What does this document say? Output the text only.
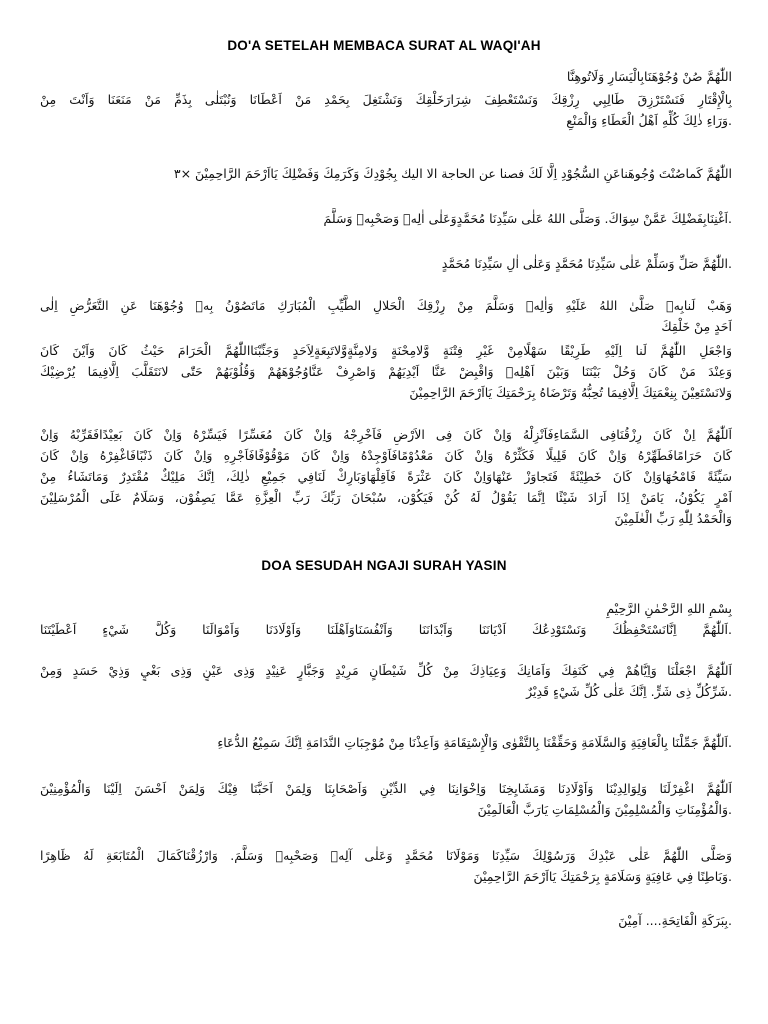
DO'A SETELAH MEMBACA SURAT AL WAQI'AH
اللّٰهُمَّ صُنْ وُجُوْهَنَابِالْيَسَارِ وَلَاتُوهِنَّا
بِالْإِقْتَارِ فَنَسْتَرْزِقَ طَالِبِي رِزْقِكَ وَنَسْتَعْطِفَ شِرَارَخَلْقِكَ وَنَشْتَغِلَ بِحَمْدِ مَنْ اَعْطَانَا وَنُبْتَلٰى بِذَمِّ مَنْ مَنَعَنَا وَاَنْتَ مِنْ
.وَرَاءِ ذٰلِكَ كُلِّهِ اَهْلُ الْعَطَاءِ وَالْمَنْعِ
اللّٰهُمَّ كَماصُنْتَ وُجُوهَناعَنِ السُّجُوْدِ اِلَّا لَكَ فصنا عن الحاجة الا اليك بِجُوْدِكَ وَكَرَمِكَ وَفَضْلِكَ يَااَرْحَمَ الرَّاحِمِيْنَ ×٣
.اَغْنِنَابِفَضْلِكَ عَمَّنْ سِوَاكَ. وَصَلَّى اللهُ عَلٰى سَيِّدِنَا مُحَمَّدٍوَعَلٰى اٰلِهٖ وَصَحْبِهٖ وَسَلَّمَ
.اللّٰهُمَّ صَلِّ وَسَلِّمْ عَلٰى سَيِّدِنَا مُحَمَّدٍ وَعَلٰى اٰلِ سَيِّدِنَا مُحَمَّدٍ
وَهَبْ لَنابِهٖ صَلَّىٰ اللهُ عَلَيْهِ وَاٰلِهٖ وَسَلَّمَ مِنْ رِزْقِكَ الْحَلالِ الطَّيِّبِ الْمُبَارَكِ مَاتَصُوْنُ بِهٖ وُجُوْهَنَا عَنِ التَّعَرُّضِ اِلٰى
اَحَدٍ مِنْ خَلْقِكَ
وَاجْعَلِ اللّٰهُمَّ لَنا اِلَيْهِ طَرِيْقًا سَهْلًامِنْ غَيْرِ فِتْنَةٍ وَّلامِحْنَةٍ وَلامِنَّةٍوَّلاتَبِعَةٍلِاَحَدٍ وَجَنِّبْنَااللّٰهُمَّ الْحَرَامَ حَيْثُ كَانَ وَاَيْنَ كَانَ
وَعِنْدَ مَنْ كَانَ وَحُلْ بَيْنَنَا وَبَيْنَ اَهْلِهٖ وَاقْبِضْ عَنَّا اَيْدِيَهُمْ وَاصْرِفْ عَنَّاوُجُوْهَهُمْ وَقُلُوْبَهُمْ حَتّٰى لانَتَقَلَّبَ اِلَّافِيمَا يُرْضِيْكَ
وَلانَسْتَعِيْنَ بِنِعْمَتِكَ اِلَّافِيمَا تُحِبُّهُ وَتَرْضَاهُ بِرَحْمَتِكَ يَااَرْحَمَ الرَّاحِمِيْنَ
اَللّٰهُمَّ اِنْ كَانَ رِزْقُنَافِى السَّمَاءِفَاَنْزِلْهُ وَاِنْ كَانَ فِى الاَرْضِ فَاَخْرِجْهُ وَاِنْ كَانَ مُعَسِّرًا فَيَسِّرْهُ وَاِنْ كَانَ بَعِيْدًافَقَرِّبْهُ وَاِنْ
كَانَ حَرَامًافَطَهِّرْهُ وَاِنْ كَانَ قَلِيلًا فَكَثِّرْهُ وَاِنْ كَانَ مَعْدُوْمًافَاَوْجِدْهُ وَاِنْ كَانَ مَوْقُوْفًافَاَجْرِهِ وَاِنْ كَانَ ذَنْبًافَاغْفِرْهُ وَاِنْ كَانَ
سَيِّئَةً فَامْحُهَاوَاِنْ كَانَ خَطِيْئَةً فَتَجاوَزْ عَنْهَاوَاِنْ كَانَ عَثْرَةً فَاَقِلْهَاوَبَارِكْ لَنَافِي جَمِيْعِ ذٰلِكَ، اِنَّكَ مَلِيْكٌ مُقْتَدِرٌ وَمَاتَشَاءُ مِنْ
اَمْرٍ يَكُوْنُ، يَامَنْ اِذَا اَرَادَ شَيْئًا اِنَّمَا يَقُوْلُ لَهُ كُنْ فَيَكُوْن، سُبْحَانَ رَبِّكَ رَبِّ الْعِزَّةِ عَمَّا يَصِفُوْن، وَسَلَامٌ عَلَى الْمُرْسَلِيْنَ
وَالْحَمْدُ لِلّٰهِ رَبِّ الْعٰلَمِيْنَ
DOA SESUDAH NGAJI SURAH YASIN
بِسْمِ اللهِ الرَّحْمٰنِ الرَّحِيْمِ
.اَللّٰهُمَّ اِنَّانَسْتَحْفِظُكَ وَنَسْتَوْدِعُكَ اَدْيَانَنَا وَاَبْدَانَنَا وَاَنْفُسَنَاوَاَهْلَنَا وَاَوْلَادَنَا وَاَمْوَالَنَا وَكُلَّ شَيْءٍ اَعْطَيْتَنَا
اَللّٰهُمَّ اجْعَلْنَا وَاِيَّاهُمْ فِي كَنَفِكَ وَاَمَانِكَ وَعِيَاذِكَ مِنْ كُلِّ شَيْطَانٍ مَرِيْدٍ وَجَبَّارٍ عَنِيْدٍ وَذِى عَيْنٍ وَذِى بَغْيٍ وَذِيْ حَسَدٍ وَمِنْ
.شَرِّكُلِّ ذِى شَرٍّ. اِنَّكَ عَلٰى كُلِّ شَيْءٍ قَدِيْرٌ
.اَللّٰهُمَّ جَمِّلْنَا بِالْعَافِيَةِ وَالسَّلَامَةِ وَحَقِّقْنَا بِالتَّقْوٰى وَالْإِسْتِقَامَةِ وَاَعِذْنَا مِنْ مُوْجِبَاتِ النَّدَامَةِ اِنَّكَ سَمِيْعُ الدُّعَاءِ
اَللّٰهُمَّ اغْفِرْلَنَا وَلِوَالِدِيْنَا وَاَوْلَادِنَا وَمَشَايِخِنَا وَاِخْوَانِنَا فِي الدِّيْنِ وَاَصْحَابِنَا وَلِمَنْ اَحَبَّنَا فِيْكَ وَلِمَنْ اَحْسَنَ اِلَيْنَا وَالْمُؤْمِنِيْنَ
.وَالْمُؤْمِنَاتِ وَالْمُسْلِمِيْنَ وَالْمُسْلِمَاتِ يَارَبَّ الْعَالَمِيْنَ
وَصَلَّى اللّٰهُمَّ عَلٰى عَبْدِكَ وَرَسُوْلِكَ سَيِّدِنَا وَمَوْلَانَا مُحَمَّدٍ وَعَلٰى آلِهٖ وَصَحْبِهٖ وَسَلَّمَ. وَارْزُقْنَاكَمَالَ الْمُتَابَعَةِ لَهُ ظَاهِرًا
.وَبَاطِنًا فِي عَافِيَةٍ وَسَلَامَةٍ بِرَحْمَتِكَ يَااَرْحَمَ الرَّاحِمِيْنَ
.بِبَرَكَةِ الْفَاتِحَةِ.... آمِيْنَ
